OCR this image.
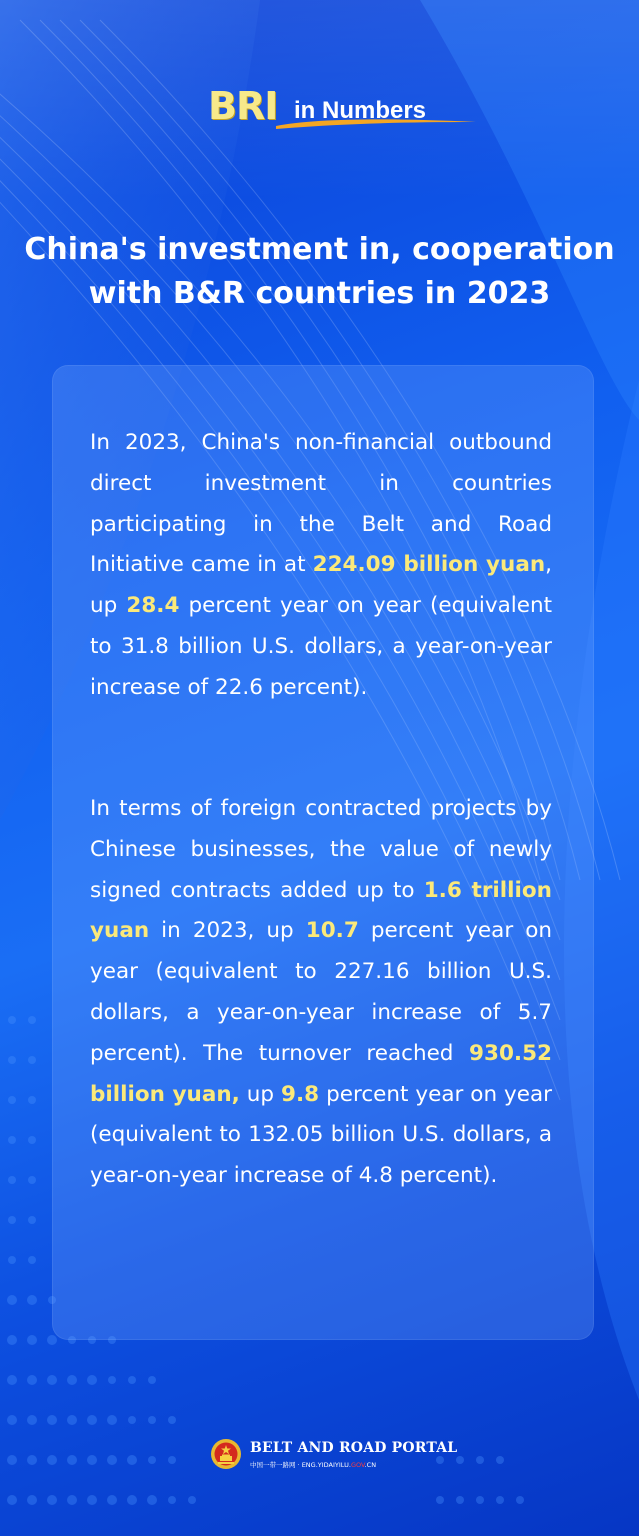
BRI in Numbers
China's investment in, cooperation
with B&R countries in 2023

In 2023, China's non-financial outbound direct investment in countries participating in the Belt and Road Initiative came in at 224.09 billion yuan, up 28.4 percent year on year (equivalent to 31.8 billion U.S. dollars, a year-on-year increase of 22.6 percent).

In terms of foreign contracted projects by Chinese businesses, the value of newly signed contracts added up to 1.6 trillion yuan in 2023, up 10.7 percent year on year (equivalent to 227.16 billion U.S. dollars, a year-on-year increase of 5.7 percent). The turnover reached 930.52 billion yuan, up 9.8 percent year on year (equivalent to 132.05 billion U.S. dollars, a year-on-year increase of 4.8 percent).

BELT AND ROAD PORTAL
中国一带一路网 · ENG.YIDAIYILU.GOV.CN
